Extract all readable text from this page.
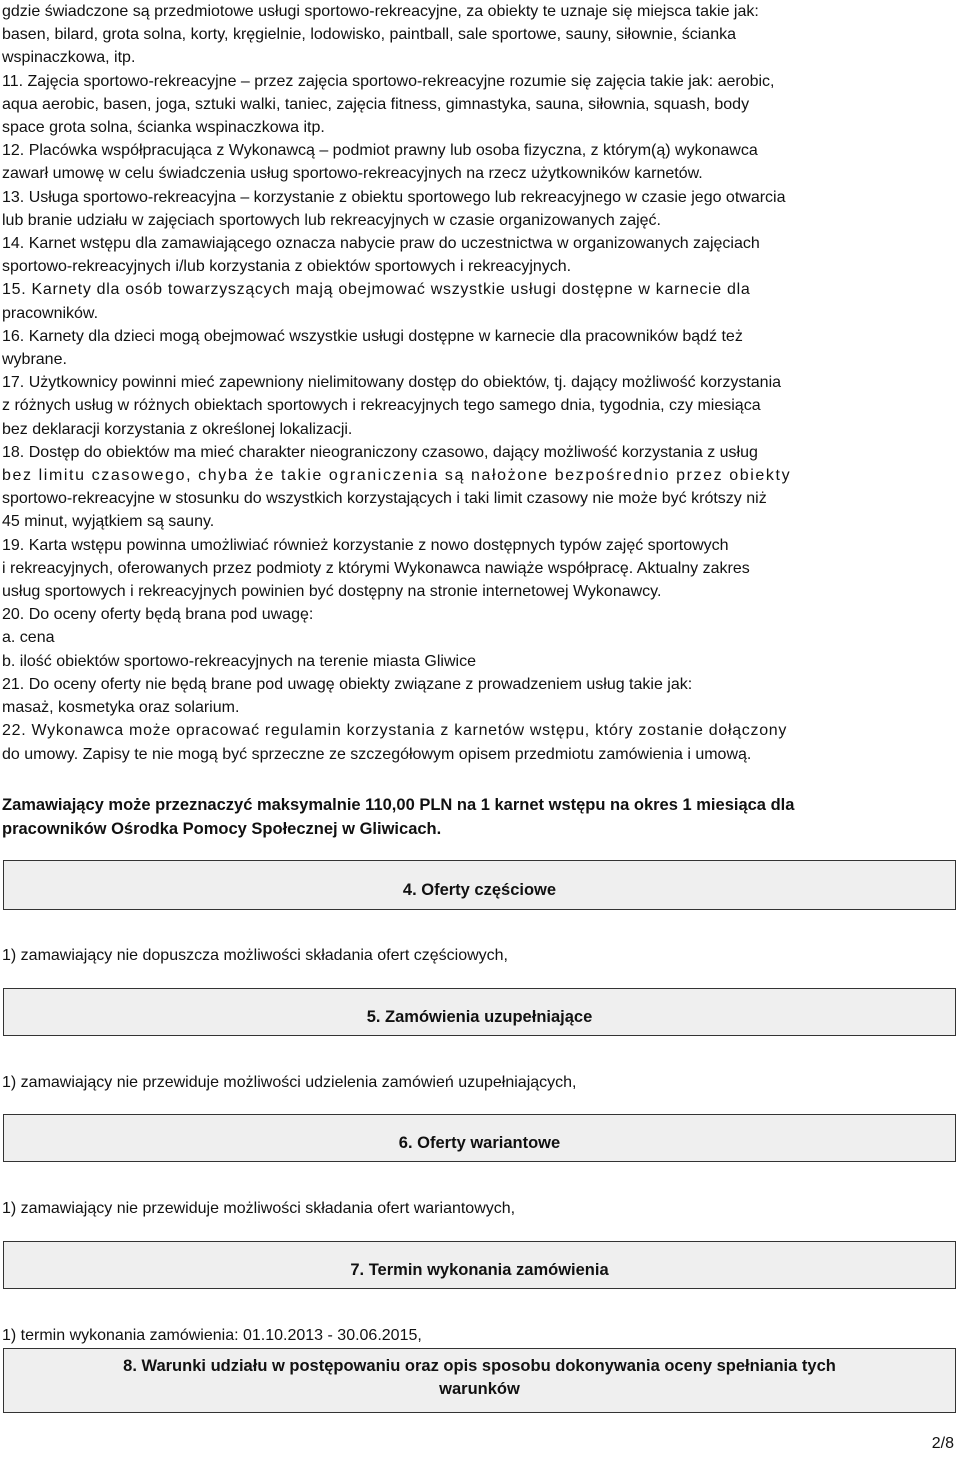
gdzie świadczone są przedmiotowe usługi sportowo-rekreacyjne, za obiekty te uznaje się miejsca takie jak:

basen, bilard, grota solna, korty, kręgielnie, lodowisko, paintball, sale sportowe, sauny, siłownie, ścianka

wspinaczkowa, itp.

11. Zajęcia sportowo-rekreacyjne – przez zajęcia sportowo-rekreacyjne rozumie się zajęcia takie jak: aerobic,

aqua aerobic, basen, joga, sztuki walki, taniec, zajęcia fitness, gimnastyka, sauna, siłownia, squash, body

space grota solna, ścianka wspinaczkowa itp.

12. Placówka współpracująca z Wykonawcą – podmiot prawny lub osoba fizyczna, z którym(ą) wykonawca

zawarł umowę w celu świadczenia usług sportowo-rekreacyjnych na rzecz użytkowników karnetów.

13. Usługa sportowo-rekreacyjna – korzystanie z obiektu sportowego lub rekreacyjnego w czasie jego otwarcia

lub branie udziału w zajęciach sportowych lub rekreacyjnych w czasie organizowanych zajęć.

14. Karnet wstępu dla zamawiającego oznacza nabycie praw do uczestnictwa w organizowanych zajęciach

sportowo-rekreacyjnych i/lub korzystania z obiektów sportowych i rekreacyjnych.

15. Karnety dla osób towarzyszących mają obejmować wszystkie usługi dostępne w karnecie dla

pracowników.

16. Karnety dla dzieci mogą obejmować wszystkie usługi dostępne w karnecie dla pracowników bądź też

wybrane.

17. Użytkownicy powinni mieć zapewniony nielimitowany dostęp do obiektów, tj. dający możliwość korzystania

z różnych usług w różnych obiektach sportowych i rekreacyjnych tego samego dnia, tygodnia, czy miesiąca

bez deklaracji korzystania z określonej lokalizacji.

18. Dostęp do obiektów ma mieć charakter nieograniczony czasowo, dający możliwość korzystania z usług

bez limitu czasowego, chyba że takie ograniczenia są nałożone bezpośrednio przez obiekty

sportowo-rekreacyjne w stosunku do wszystkich korzystających i taki limit czasowy nie może być krótszy niż

45 minut, wyjątkiem są sauny.

19. Karta wstępu powinna umożliwiać również korzystanie z nowo dostępnych typów zajęć sportowych

i rekreacyjnych, oferowanych przez podmioty z którymi Wykonawca nawiąże współpracę. Aktualny zakres

usług sportowych i rekreacyjnych powinien być dostępny na stronie internetowej Wykonawcy.

20. Do oceny oferty będą brana pod uwagę:

a. cena

b. ilość obiektów sportowo-rekreacyjnych na terenie miasta Gliwice

21. Do oceny oferty nie będą brane pod uwagę obiekty związane z prowadzeniem usług takie jak:

masaż, kosmetyka oraz solarium.

22. Wykonawca może opracować regulamin korzystania z karnetów wstępu, który zostanie dołączony

do umowy. Zapisy te nie mogą być sprzeczne ze szczegółowym opisem przedmiotu zamówienia i umową.

Zamawiający może przeznaczyć maksymalnie 110,00 PLN na 1 karnet wstępu na okres 1 miesiąca dla
pracowników Ośrodka Pomocy Społecznej w Gliwicach.
4. Oferty częściowe
1) zamawiający nie dopuszcza możliwości składania ofert częściowych,
5. Zamówienia uzupełniające
1) zamawiający nie przewiduje możliwości udzielenia zamówień uzupełniających,
6. Oferty wariantowe
1) zamawiający nie przewiduje możliwości składania ofert wariantowych,
7. Termin wykonania zamówienia
1) termin wykonania zamówienia: 01.10.2013 - 30.06.2015,
8. Warunki udziału w postępowaniu oraz opis sposobu dokonywania oceny spełniania tych
warunków
2/8
